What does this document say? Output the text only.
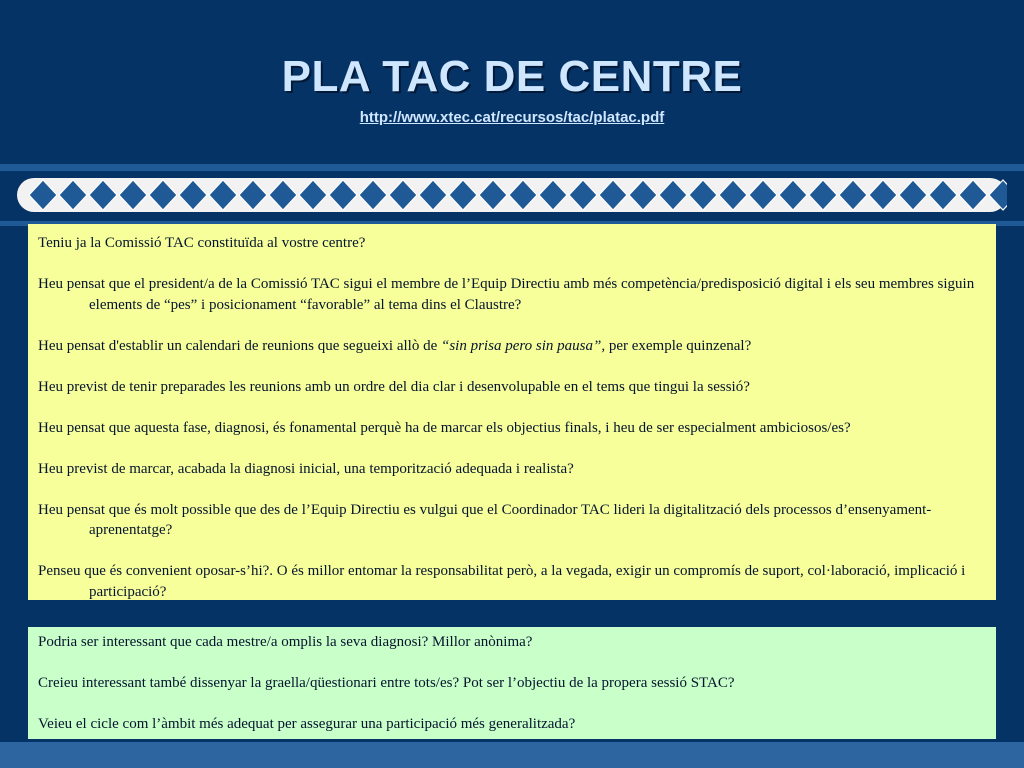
PLA TAC DE CENTRE
http://www.xtec.cat/recursos/tac/platac.pdf

Teniu ja la Comissió TAC constituïda al vostre centre?

Heu pensat que el president/a de la Comissió TAC sigui el membre de l’Equip Directiu amb més competència/predisposició digital i els seu membres siguin elements de “pes” i posicionament “favorable” al tema dins el Claustre?

Heu pensat d'establir un calendari de reunions que segueixi allò de “sin prisa pero sin pausa”, per exemple quinzenal?

Heu previst de tenir preparades les reunions amb un ordre del dia clar i desenvolupable en el tems que tingui la sessió?

Heu pensat que aquesta fase, diagnosi, és fonamental perquè ha de marcar els objectius finals, i heu de ser especialment ambiciosos/es?

Heu previst de marcar, acabada la diagnosi inicial, una temporització adequada i realista?

Heu pensat que és molt possible que des de l’Equip Directiu es vulgui que el Coordinador TAC lideri la digitalització dels processos d’ensenyament-aprenentatge?

Penseu que és convenient oposar-s’hi?. O és millor entomar la responsabilitat però, a la vegada, exigir un compromís de suport, col·laboració, implicació i participació?

Podria ser interessant que cada mestre/a omplis la seva diagnosi? Millor anònima?

Creieu interessant també dissenyar la graella/qüestionari entre tots/es? Pot ser l’objectiu de la propera sessió STAC?

Veieu el cicle com l’àmbit més adequat per assegurar una participació més generalitzada?
